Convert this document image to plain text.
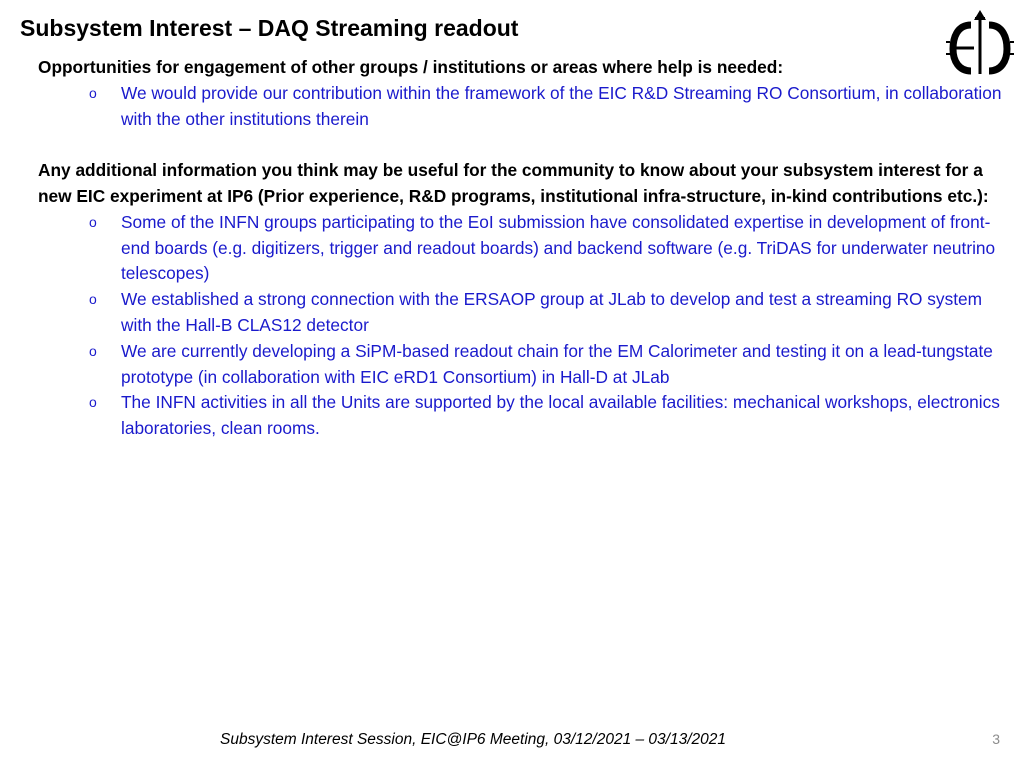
Subsystem Interest – DAQ Streaming readout

Opportunities for engagement of other groups / institutions or areas where help is needed:

o We would provide our contribution within the framework of the EIC R&D Streaming RO Consortium, in collaboration with the other institutions therein

Any additional information you think may be useful for the community to know about your subsystem interest for a new EIC experiment at IP6 (Prior experience, R&D programs, institutional infra-structure, in-kind contributions etc.):

o Some of the INFN groups participating to the EoI submission have consolidated expertise in development of front-end boards (e.g. digitizers, trigger and readout boards) and backend software (e.g. TriDAS for underwater neutrino telescopes)
o We established a strong connection with the ERSAOP group at JLab to develop and test a streaming RO system with the Hall-B CLAS12 detector
o We are currently developing a SiPM-based readout chain for the EM Calorimeter and testing it on a lead-tungstate prototype (in collaboration with EIC eRD1 Consortium) in Hall-D at JLab
o The INFN activities in all the Units are supported by the local available facilities: mechanical workshops, electronics laboratories, clean rooms.
Subsystem Interest Session, EIC@IP6 Meeting, 03/12/2021 – 03/13/2021	3
